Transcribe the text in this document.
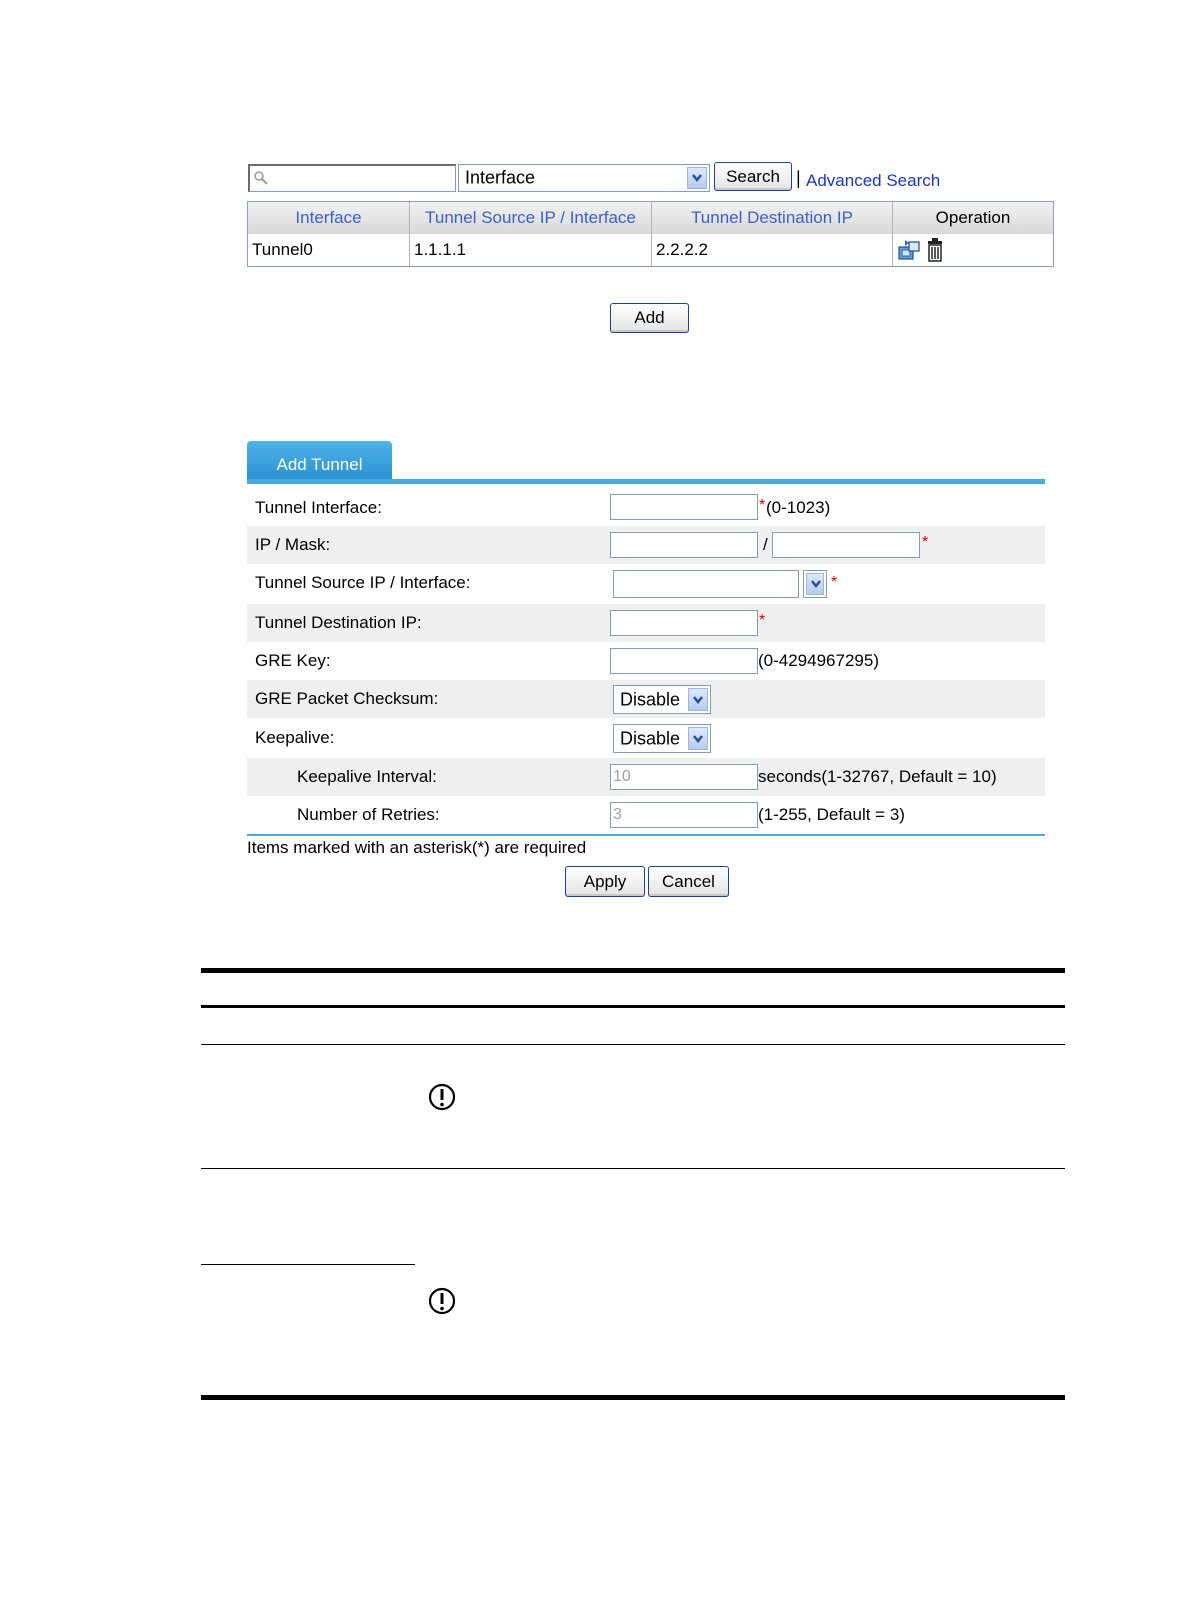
Interface	Search | Advanced Search
Interface	Tunnel Source IP / Interface	Tunnel Destination IP	Operation
Tunnel0	1.1.1.1	2.2.2.2
Add
Add Tunnel
Tunnel Interface:	* (0-1023)
IP / Mask:	/	*
Tunnel Source IP / Interface:	*
Tunnel Destination IP:	*
GRE Key:	(0-4294967295)
GRE Packet Checksum:	Disable
Keepalive:	Disable
Keepalive Interval:
10	seconds(1-32767, Default = 10)
Number of Retries:
3	(1-255, Default = 3)
Items marked with an asterisk(*) are required
Apply	Cancel
